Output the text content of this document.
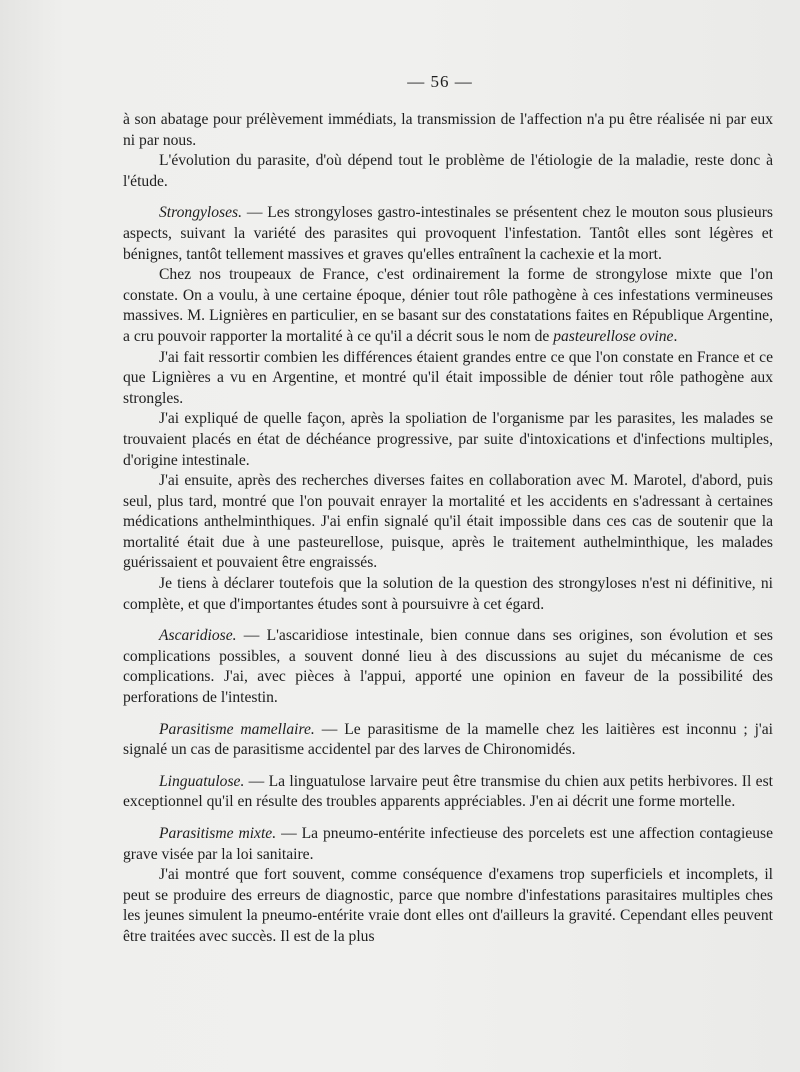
— 56 —

à son abatage pour prélèvement immédiats, la transmission de l'affection n'a pu être réalisée ni par eux ni par nous.

L'évolution du parasite, d'où dépend tout le problème de l'étiologie de la maladie, reste donc à l'étude.

Strongyloses. — Les strongyloses gastro-intestinales se présentent chez le mouton sous plusieurs aspects, suivant la variété des parasites qui provoquent l'infestation. Tantôt elles sont légères et bénignes, tantôt tellement massives et graves qu'elles entraînent la cachexie et la mort.

Chez nos troupeaux de France, c'est ordinairement la forme de strongylose mixte que l'on constate. On a voulu, à une certaine époque, dénier tout rôle pathogène à ces infestations vermineuses massives. M. Lignières en particulier, en se basant sur des constatations faites en République Argentine, a cru pouvoir rapporter la mortalité à ce qu'il a décrit sous le nom de pasteurellose ovine.

J'ai fait ressortir combien les différences étaient grandes entre ce que l'on constate en France et ce que Lignières a vu en Argentine, et montré qu'il était impossible de dénier tout rôle pathogène aux strongles.

J'ai expliqué de quelle façon, après la spoliation de l'organisme par les parasites, les malades se trouvaient placés en état de déchéance progressive, par suite d'intoxications et d'infections multiples, d'origine intestinale.

J'ai ensuite, après des recherches diverses faites en collaboration avec M. Marotel, d'abord, puis seul, plus tard, montré que l'on pouvait enrayer la mortalité et les accidents en s'adressant à certaines médications anthelminthiques. J'ai enfin signalé qu'il était impossible dans ces cas de soutenir que la mortalité était due à une pasteurellose, puisque, après le traitement authelminthique, les malades guérissaient et pouvaient être engraissés.

Je tiens à déclarer toutefois que la solution de la question des strongyloses n'est ni définitive, ni complète, et que d'importantes études sont à poursuivre à cet égard.

Ascaridiose. — L'ascaridiose intestinale, bien connue dans ses origines, son évolution et ses complications possibles, a souvent donné lieu à des discussions au sujet du mécanisme de ces complications. J'ai, avec pièces à l'appui, apporté une opinion en faveur de la possibilité des perforations de l'intestin.

Parasitisme mamellaire. — Le parasitisme de la mamelle chez les laitières est inconnu ; j'ai signalé un cas de parasitisme accidentel par des larves de Chironomidés.

Linguatulose. — La linguatulose larvaire peut être transmise du chien aux petits herbivores. Il est exceptionnel qu'il en résulte des troubles apparents appréciables. J'en ai décrit une forme mortelle.

Parasitisme mixte. — La pneumo-entérite infectieuse des porcelets est une affection contagieuse grave visée par la loi sanitaire.

J'ai montré que fort souvent, comme conséquence d'examens trop superficiels et incomplets, il peut se produire des erreurs de diagnostic, parce que nombre d'infestations parasitaires multiples ches les jeunes simulent la pneumo-entérite vraie dont elles ont d'ailleurs la gravité. Cependant elles peuvent être traitées avec succès. Il est de la plus
